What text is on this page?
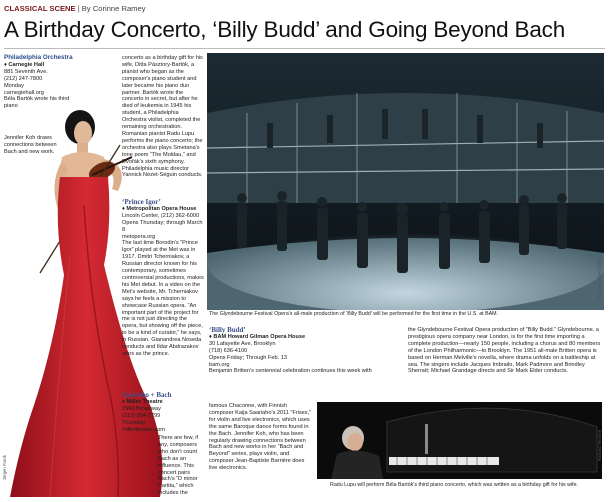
CLASSICAL SCENE | By Corinne Ramey
A Birthday Concerto, ‘Billy Budd’ and Going Beyond Bach
Jürgen Frank
Philadelphia Orchestra
♦ Carnegie Hall
881 Seventh Ave.
(212) 247-7800
Monday
carnegiehall.org
Béla Bartók wrote his third piano
Jennifer Koh draws connections between Bach and new work.
concerto as a birthday gift for his wife, Ditta Pásztory-Bartók, a pianist who began as the composer's piano student and later became his piano duo partner. Bartók wrote the concerto in secret, but after he died of leukemia in 1945 his student, a Philadelphia Orchestra violist, completed the remaining orchestration. Romanian pianist Radu Lupu performs the piano concerto; the orchestra also plays Smetana's tone poem “The Moldau,” and Dvořák's sixth symphony. Philadelphia music director Yannick Nézet-Séguin conducts.
‘Prince Igor’
♦ Metropolitan Opera House
Lincoln Center, (212) 362-6000
Opens Thursday; through March 8
metopera.org
The last time Borodin's “Prince Igor” played at the Met was in 1917. Dmitri Tcherniakov, a Russian director known for his contemporary, sometimes controversial productions, makes his Met debut. In a video on the Met's website, Mr. Tcherniakov says he feels a mission to showcase Russian opera. “An important part of the project for me is not just directing the opera, but showing off the piece, to be a kind of curator,” he says, in Russian. Gianandrea Noseda conducts and Ildar Abdrazakov stars as the prince.
Saariaho + Bach
♦ Miller Theatre
2960 Broadway
(212) 854-7799
Thursday
millertheatre.com
There are few, if any, composers who don't count Bach as an influence. This concert pairs Bach's “D minor Partita,” which includes the
Richard Hubert Smith
The Glyndebourne Festival Opera's all-male production of ‘Billy Budd’ will be performed for the first time in the U.S. at BAM.
‘Billy Budd’
♦ BAM Howard Gilman Opera House
30 Lafayette Ave, Brooklyn
(718) 636-4100
Opens Friday; Through Feb. 13
bam.org
Benjamin Britten's centennial celebration continues this week with
the Glyndebourne Festival Opera production of “Billy Budd.” Glyndebourne, a prestigious opera company near London, is for the first time importing a complete production—nearly 150 people, including a chorus and 80 members of the London Philharmonic—to Brooklyn. The 1951 all-male Britten opera is based on Herman Melville's novella, where drama unfolds on a battleship at sea. The singers include Jacques Imbrailo, Mark Padmore and Brindley Sherratt; Michael Grandage directs and Sir Mark Elder conducts.
famous Chaconne, with Finnish composer Kaija Saariaho's 2011 “Frises,” for violin and live electronics, which uses the same Baroque dance forms found in the Bach. Jennifer Koh, who has been regularly drawing connections between Bach and new works in her “Bach and Beyond” series, plays violin, and composer Jean-Baptiste Barrière does live electronics.
Richard Termine
Radu Lupu will perform Béla Bartók's third piano concerto, which was written as a birthday gift for his wife.
